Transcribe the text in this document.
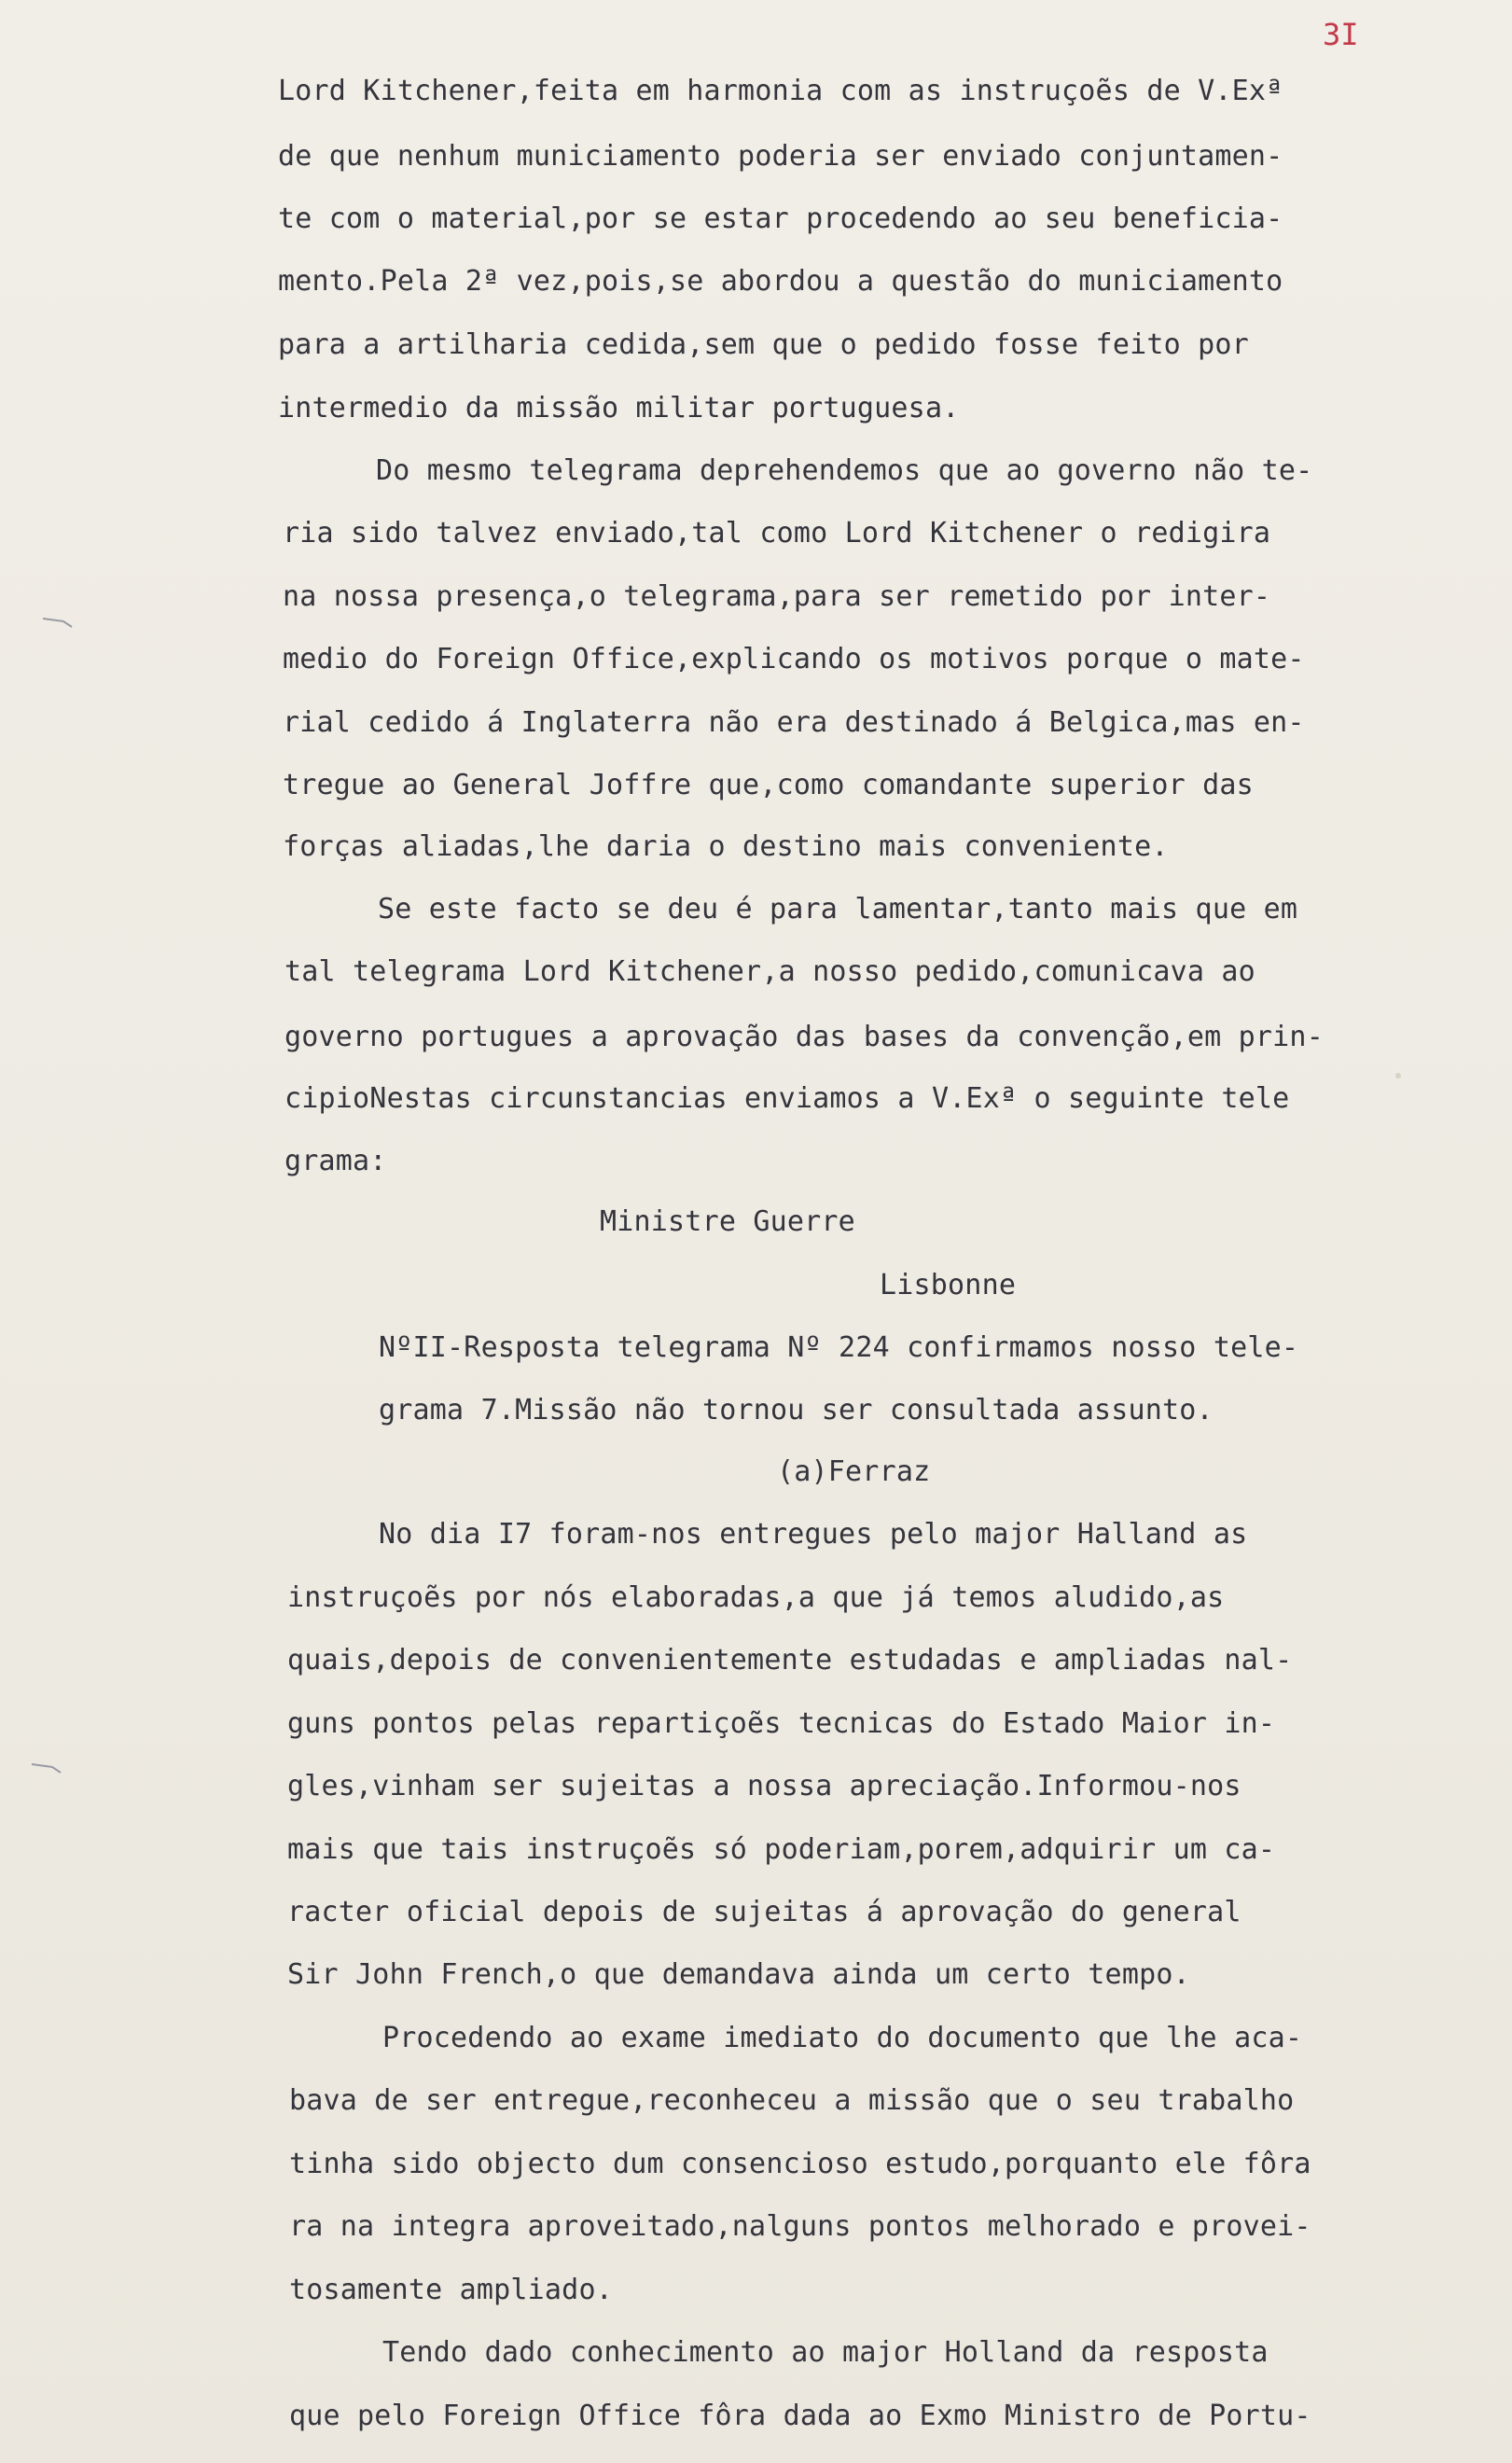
3I
Lord Kitchener,feita em harmonia com as instruçoẽs de V.Exª
de que nenhum municiamento poderia ser enviado conjuntamen-
te com o material,por se estar procedendo ao seu beneficia-
mento.Pela 2ª vez,pois,se abordou a questão do municiamento
para a artilharia cedida,sem que o pedido fosse feito por
intermedio da missão militar portuguesa.
Do mesmo telegrama deprehendemos que ao governo não te-
ria sido talvez enviado,tal como Lord Kitchener o redigira
na nossa presença,o telegrama,para ser remetido por inter-
medio do Foreign Office,explicando os motivos porque o mate-
rial cedido á Inglaterra não era destinado á Belgica,mas en-
tregue ao General Joffre que,como comandante superior das
forças aliadas,lhe daria o destino mais conveniente.
Se este facto se deu é para lamentar,tanto mais que em
tal telegrama Lord Kitchener,a nosso pedido,comunicava ao
governo portugues a aprovação das bases da convenção,em prin-
cipioNestas circunstancias enviamos a V.Exª o seguinte tele
grama:
Ministre Guerre
Lisbonne
NºII-Resposta telegrama Nº 224 confirmamos nosso tele-
grama 7.Missão não tornou ser consultada assunto.
(a)Ferraz
No dia I7 foram-nos entregues pelo major Halland as
instruçoẽs por nós elaboradas,a que já temos aludido,as
quais,depois de convenientemente estudadas e ampliadas nal-
guns pontos pelas repartiçoẽs tecnicas do Estado Maior in-
gles,vinham ser sujeitas a nossa apreciação.Informou-nos
mais que tais instruçoẽs só poderiam,porem,adquirir um ca-
racter oficial depois de sujeitas á aprovação do general
Sir John French,o que demandava ainda um certo tempo.
Procedendo ao exame imediato do documento que lhe aca-
bava de ser entregue,reconheceu a missão que o seu trabalho
tinha sido objecto dum consencioso estudo,porquanto ele fôra
ra na integra aproveitado,nalguns pontos melhorado e provei-
tosamente ampliado.
Tendo dado conhecimento ao major Holland da resposta
que pelo Foreign Office fôra dada ao Exmo Ministro de Portu-
